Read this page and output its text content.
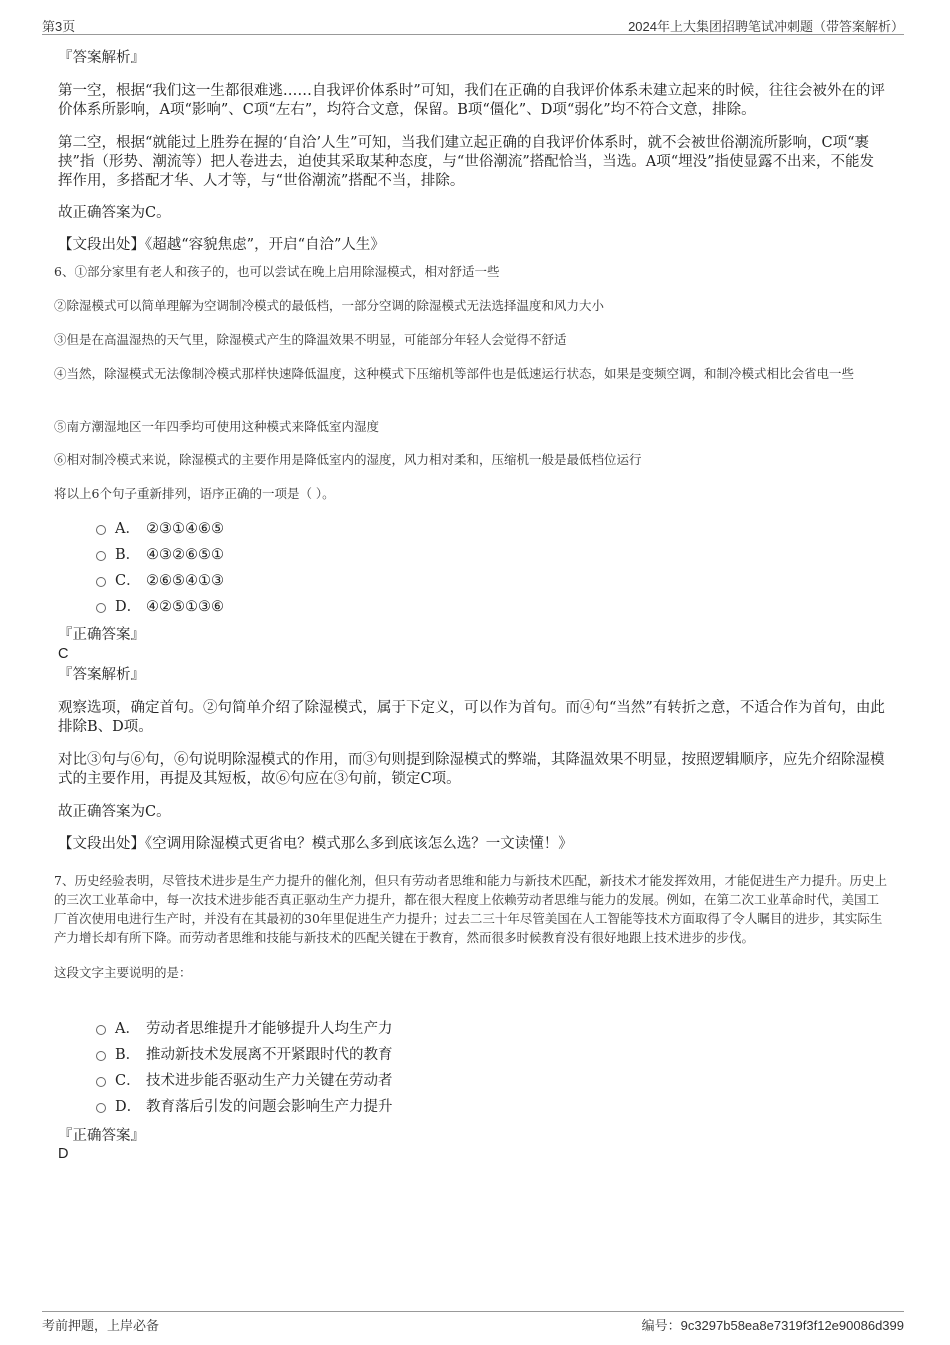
第3页	2024年上大集团招聘笔试冲刺题（带答案解析）
『答案解析』
第一空，根据“我们这一生都很难逃……自我评价体系时”可知，我们在正确的自我评价体系未建立起来的时候，往往会被外在的评价体系所影响，A项“影响”、C项“左右”，均符合文意，保留。B项“僵化”、D项“弱化”均不符合文意，排除。
第二空，根据“就能过上胜券在握的‘自洽’人生”可知，当我们建立起正确的自我评价体系时，就不会被世俗潮流所影响，C项“裹挟”指（形势、潮流等）把人卷进去，迫使其采取某种态度，与“世俗潮流”搭配恰当，当选。A项“埋没”指使显露不出来，不能发挥作用，多搭配才华、人才等，与“世俗潮流”搭配不当，排除。
故正确答案为C。
【文段出处】《超越“容貌焦虑”，开启“自洽”人生》
6、①部分家里有老人和孩子的，也可以尝试在晚上启用除湿模式，相对舒适一些
②除湿模式可以简单理解为空调制冷模式的最低档，一部分空调的除湿模式无法选择温度和风力大小
③但是在高温湿热的天气里，除湿模式产生的降温效果不明显，可能部分年轻人会觉得不舒适
④当然，除湿模式无法像制冷模式那样快速降低温度，这种模式下压缩机等部件也是低速运行状态，如果是变频空调，和制冷模式相比会省电一些
⑤南方潮湿地区一年四季均可使用这种模式来降低室内湿度
⑥相对制冷模式来说，除湿模式的主要作用是降低室内的湿度，风力相对柔和，压缩机一般是最低档位运行
将以上6个句子重新排列，语序正确的一项是（ ）。
A． ②③①④⑥⑤
B． ④③②⑥⑤①
C． ②⑥⑤④①③
D． ④②⑤①③⑥
『正确答案』
C
『答案解析』
观察选项，确定首句。②句简单介绍了除湿模式，属于下定义，可以作为首句。而④句“当然”有转折之意，不适合作为首句，由此排除B、D项。
对比③句与⑥句，⑥句说明除湿模式的作用，而③句则提到除湿模式的弊端，其降温效果不明显，按照逻辑顺序，应先介绍除湿模式的主要作用，再提及其短板，故⑥句应在③句前，锁定C项。
故正确答案为C。
【文段出处】《空调用除湿模式更省电？模式那么多到底该怎么选？一文读懂！》
7、历史经验表明，尽管技术进步是生产力提升的催化剂，但只有劳动者思维和能力与新技术匹配，新技术才能发挥效用，才能促进生产力提升。历史上的三次工业革命中，每一次技术进步能否真正驱动生产力提升，都在很大程度上依赖劳动者思维与能力的发展。例如，在第二次工业革命时代，美国工厂首次使用电进行生产时，并没有在其最初的30年里促进生产力提升；过去二三十年尽管美国在人工智能等技术方面取得了令人瞩目的进步，其实际生产力增长却有所下降。而劳动者思维和技能与新技术的匹配关键在于教育，然而很多时候教育没有很好地跟上技术进步的步伐。
这段文字主要说明的是：
A． 劳动者思维提升才能够提升人均生产力
B． 推动新技术发展离不开紧跟时代的教育
C． 技术进步能否驱动生产力关键在劳动者
D． 教育落后引发的问题会影响生产力提升
『正确答案』
D
考前押题，上岸必备	编号：9c3297b58ea8e7319f3f12e90086d399
